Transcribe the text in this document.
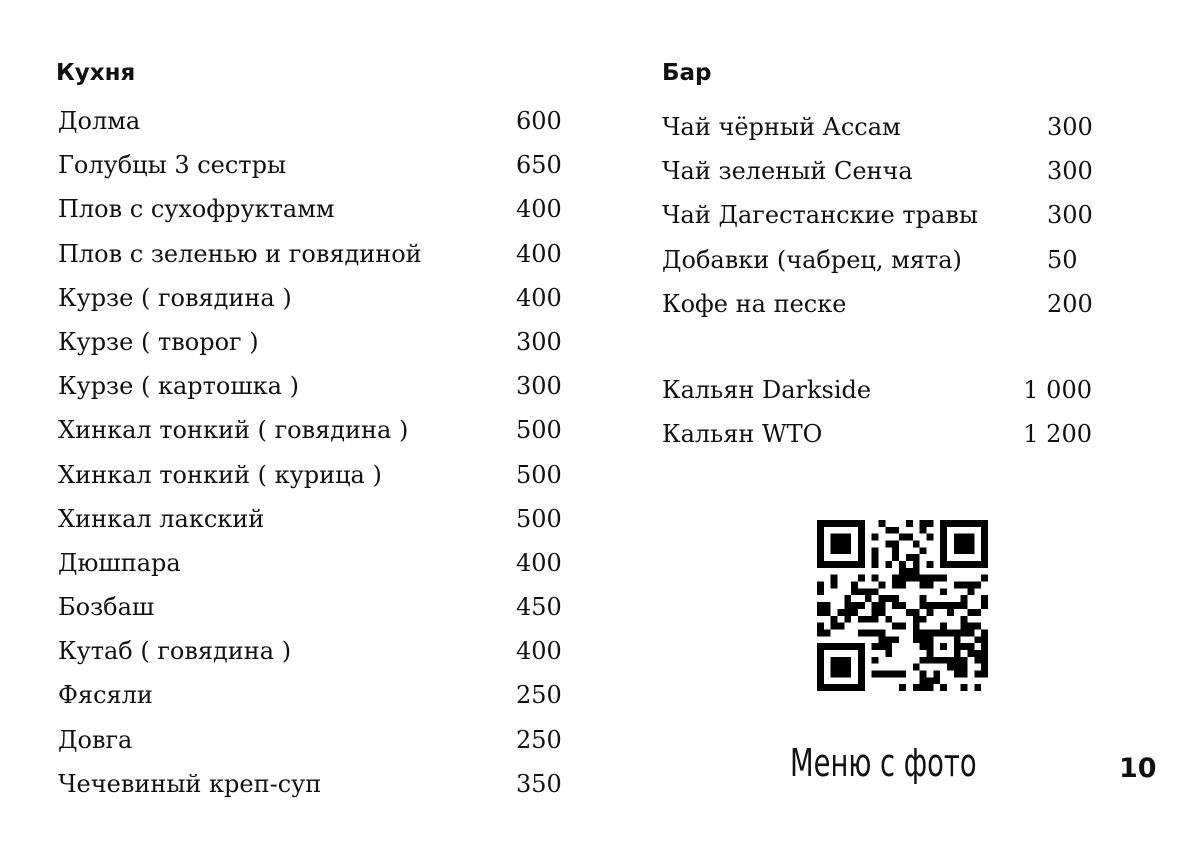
Кухня
Долма	600
Голубцы 3 сестры	650
Плов с сухофруктамм	400
Плов с зеленью и говядиной	400
Курзе ( говядина )	400
Курзе ( творог )	300
Курзе ( картошка )	300
Хинкал тонкий ( говядина )	500
Хинкал тонкий ( курица )	500
Хинкал лакский	500
Дюшпара	400
Бозбаш	450
Кутаб ( говядина )	400
Фясяли	250
Довга	250
Чечевиный креп-суп	350
Бар
Чай чёрный Ассам	300
Чай зеленый Сенча	300
Чай Дагестанские травы	300
Добавки (чабрец, мята)	50
Кофе на песке	200
Кальян Darkside	1 000
Кальян WTO	1 200
Меню с фото	10
